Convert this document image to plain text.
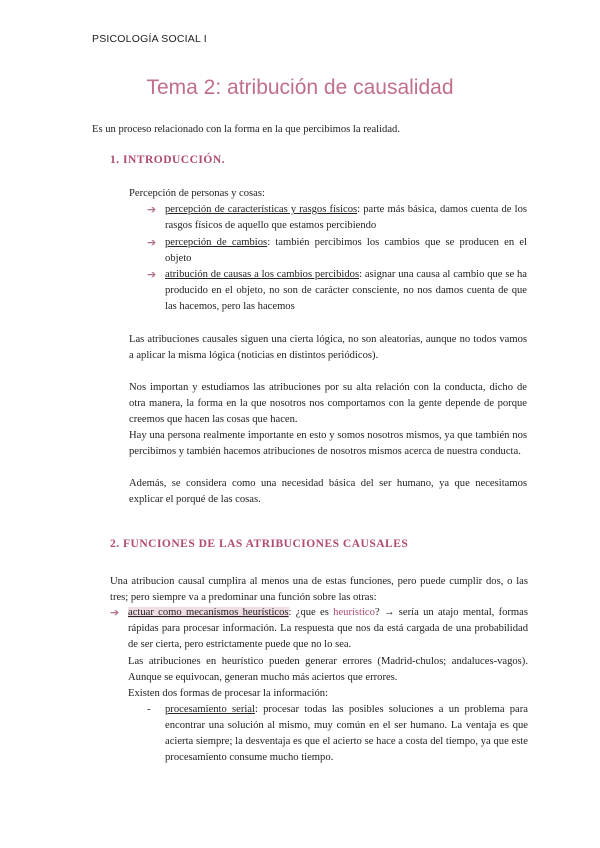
PSICOLOGÍA SOCIAL I
Tema 2: atribución de causalidad

Es un proceso relacionado con la forma en la que percibimos la realidad.

1. INTRODUCCIÓN.

Percepción de personas y cosas:

➔ percepción de características y rasgos físicos: parte más básica, damos cuenta de los rasgos físicos de aquello que estamos percibiendo

➔ percepción de cambios: también percibimos los cambios que se producen en el objeto

➔ atribución de causas a los cambios percibidos: asignar una causa al cambio que se ha producido en el objeto, no son de carácter consciente, no nos damos cuenta de que las hacemos, pero las hacemos

Las atribuciones causales siguen una cierta lógica, no son aleatorias, aunque no todos vamos a aplicar la misma lógica (noticias en distintos periódicos).

Nos importan y estudiamos las atribuciones por su alta relación con la conducta, dicho de otra manera, la forma en la que nosotros nos comportamos con la gente depende de porque creemos que hacen las cosas que hacen.

Hay una persona realmente importante en esto y somos nosotros mismos, ya que también nos percibimos y también hacemos atribuciones de nosotros mismos acerca de nuestra conducta.

Además, se considera como una necesidad básica del ser humano, ya que necesitamos explicar el porqué de las cosas.

2. FUNCIONES DE LAS ATRIBUCIONES CAUSALES

Una atribucion causal cumplira al menos una de estas funciones, pero puede cumplir dos, o las tres; pero siempre va a predominar una función sobre las otras:

➔ actuar como mecanismos heurísticos: ¿que es heurístico? → sería un atajo mental, formas rápidas para procesar información. La respuesta que nos da está cargada de una probabilidad de ser cierta, pero estrictamente puede que no lo sea.

Las atribuciones en heurístico pueden generar errores (Madrid-chulos; andaluces-vagos). Aunque se equivocan, generan mucho más aciertos que errores.

Existen dos formas de procesar la información:

- procesamiento serial: procesar todas las posibles soluciones a un problema para encontrar una solución al mismo, muy común en el ser humano. La ventaja es que acierta siempre; la desventaja es que el acierto se hace a costa del tiempo, ya que este procesamiento consume mucho tiempo.
